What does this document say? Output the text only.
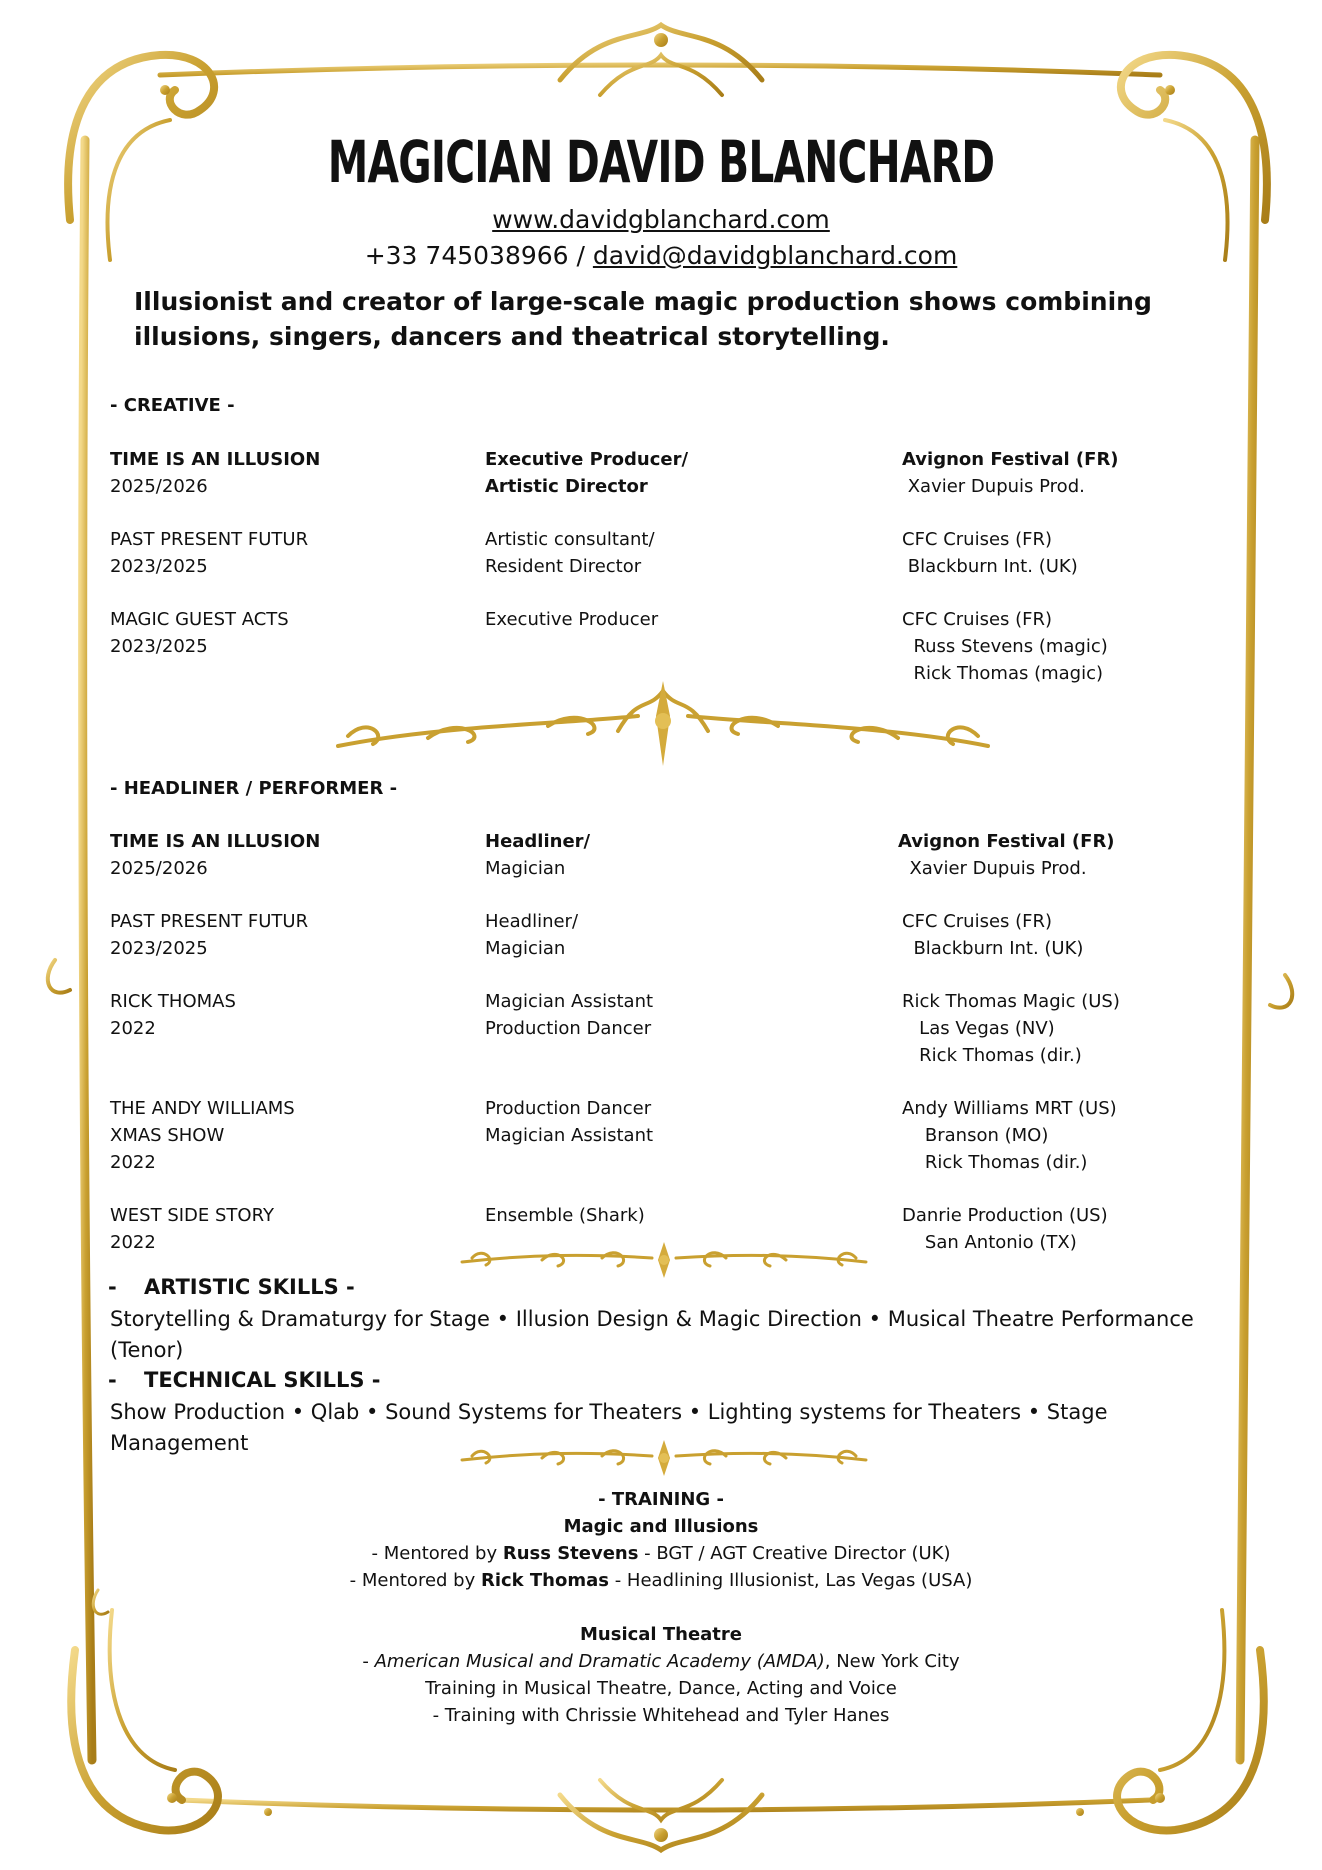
MAGICIAN DAVID BLANCHARD
www.davidgblanchard.com
+33 745038966 / david@davidgblanchard.com
Illusionist and creator of large-scale magic production shows combining illusions, singers, dancers and theatrical storytelling.
- CREATIVE -
TIME IS AN ILLUSION
2025/2026
Executive Producer/
Artistic Director
Avignon Festival (FR)
Xavier Dupuis Prod.
PAST PRESENT FUTUR
2023/2025
Artistic consultant/
Resident Director
CFC Cruises (FR)
Blackburn Int. (UK)
MAGIC GUEST ACTS
2023/2025
Executive Producer	CFC Cruises (FR)
Russ Stevens (magic)
Rick Thomas (magic)
- HEADLINER / PERFORMER -
TIME IS AN ILLUSION
2025/2026
Headliner/
Magician
Avignon Festival (FR)
Xavier Dupuis Prod.
PAST PRESENT FUTUR
2023/2025
Headliner/
Magician
CFC Cruises (FR)
Blackburn Int. (UK)
RICK THOMAS
2022
Magician Assistant
Production Dancer
Rick Thomas Magic (US)
Las Vegas (NV)
Rick Thomas (dir.)
THE ANDY WILLIAMS
XMAS SHOW
2022
Production Dancer
Magician Assistant
Andy Williams MRT (US)
Branson (MO)
Rick Thomas (dir.)
WEST SIDE STORY
2022
Ensemble (Shark)	Danrie Production (US)
San Antonio (TX)
- ARTISTIC SKILLS -
Storytelling & Dramaturgy for Stage • Illusion Design & Magic Direction • Musical Theatre Performance (Tenor)
- TECHNICAL SKILLS -
Show Production • Qlab • Sound Systems for Theaters • Lighting systems for Theaters • Stage Management
- TRAINING -
Magic and Illusions
- Mentored by Russ Stevens - BGT / AGT Creative Director (UK)
- Mentored by Rick Thomas - Headlining Illusionist, Las Vegas (USA)

Musical Theatre
- American Musical and Dramatic Academy (AMDA), New York City
Training in Musical Theatre, Dance, Acting and Voice
- Training with Chrissie Whitehead and Tyler Hanes
